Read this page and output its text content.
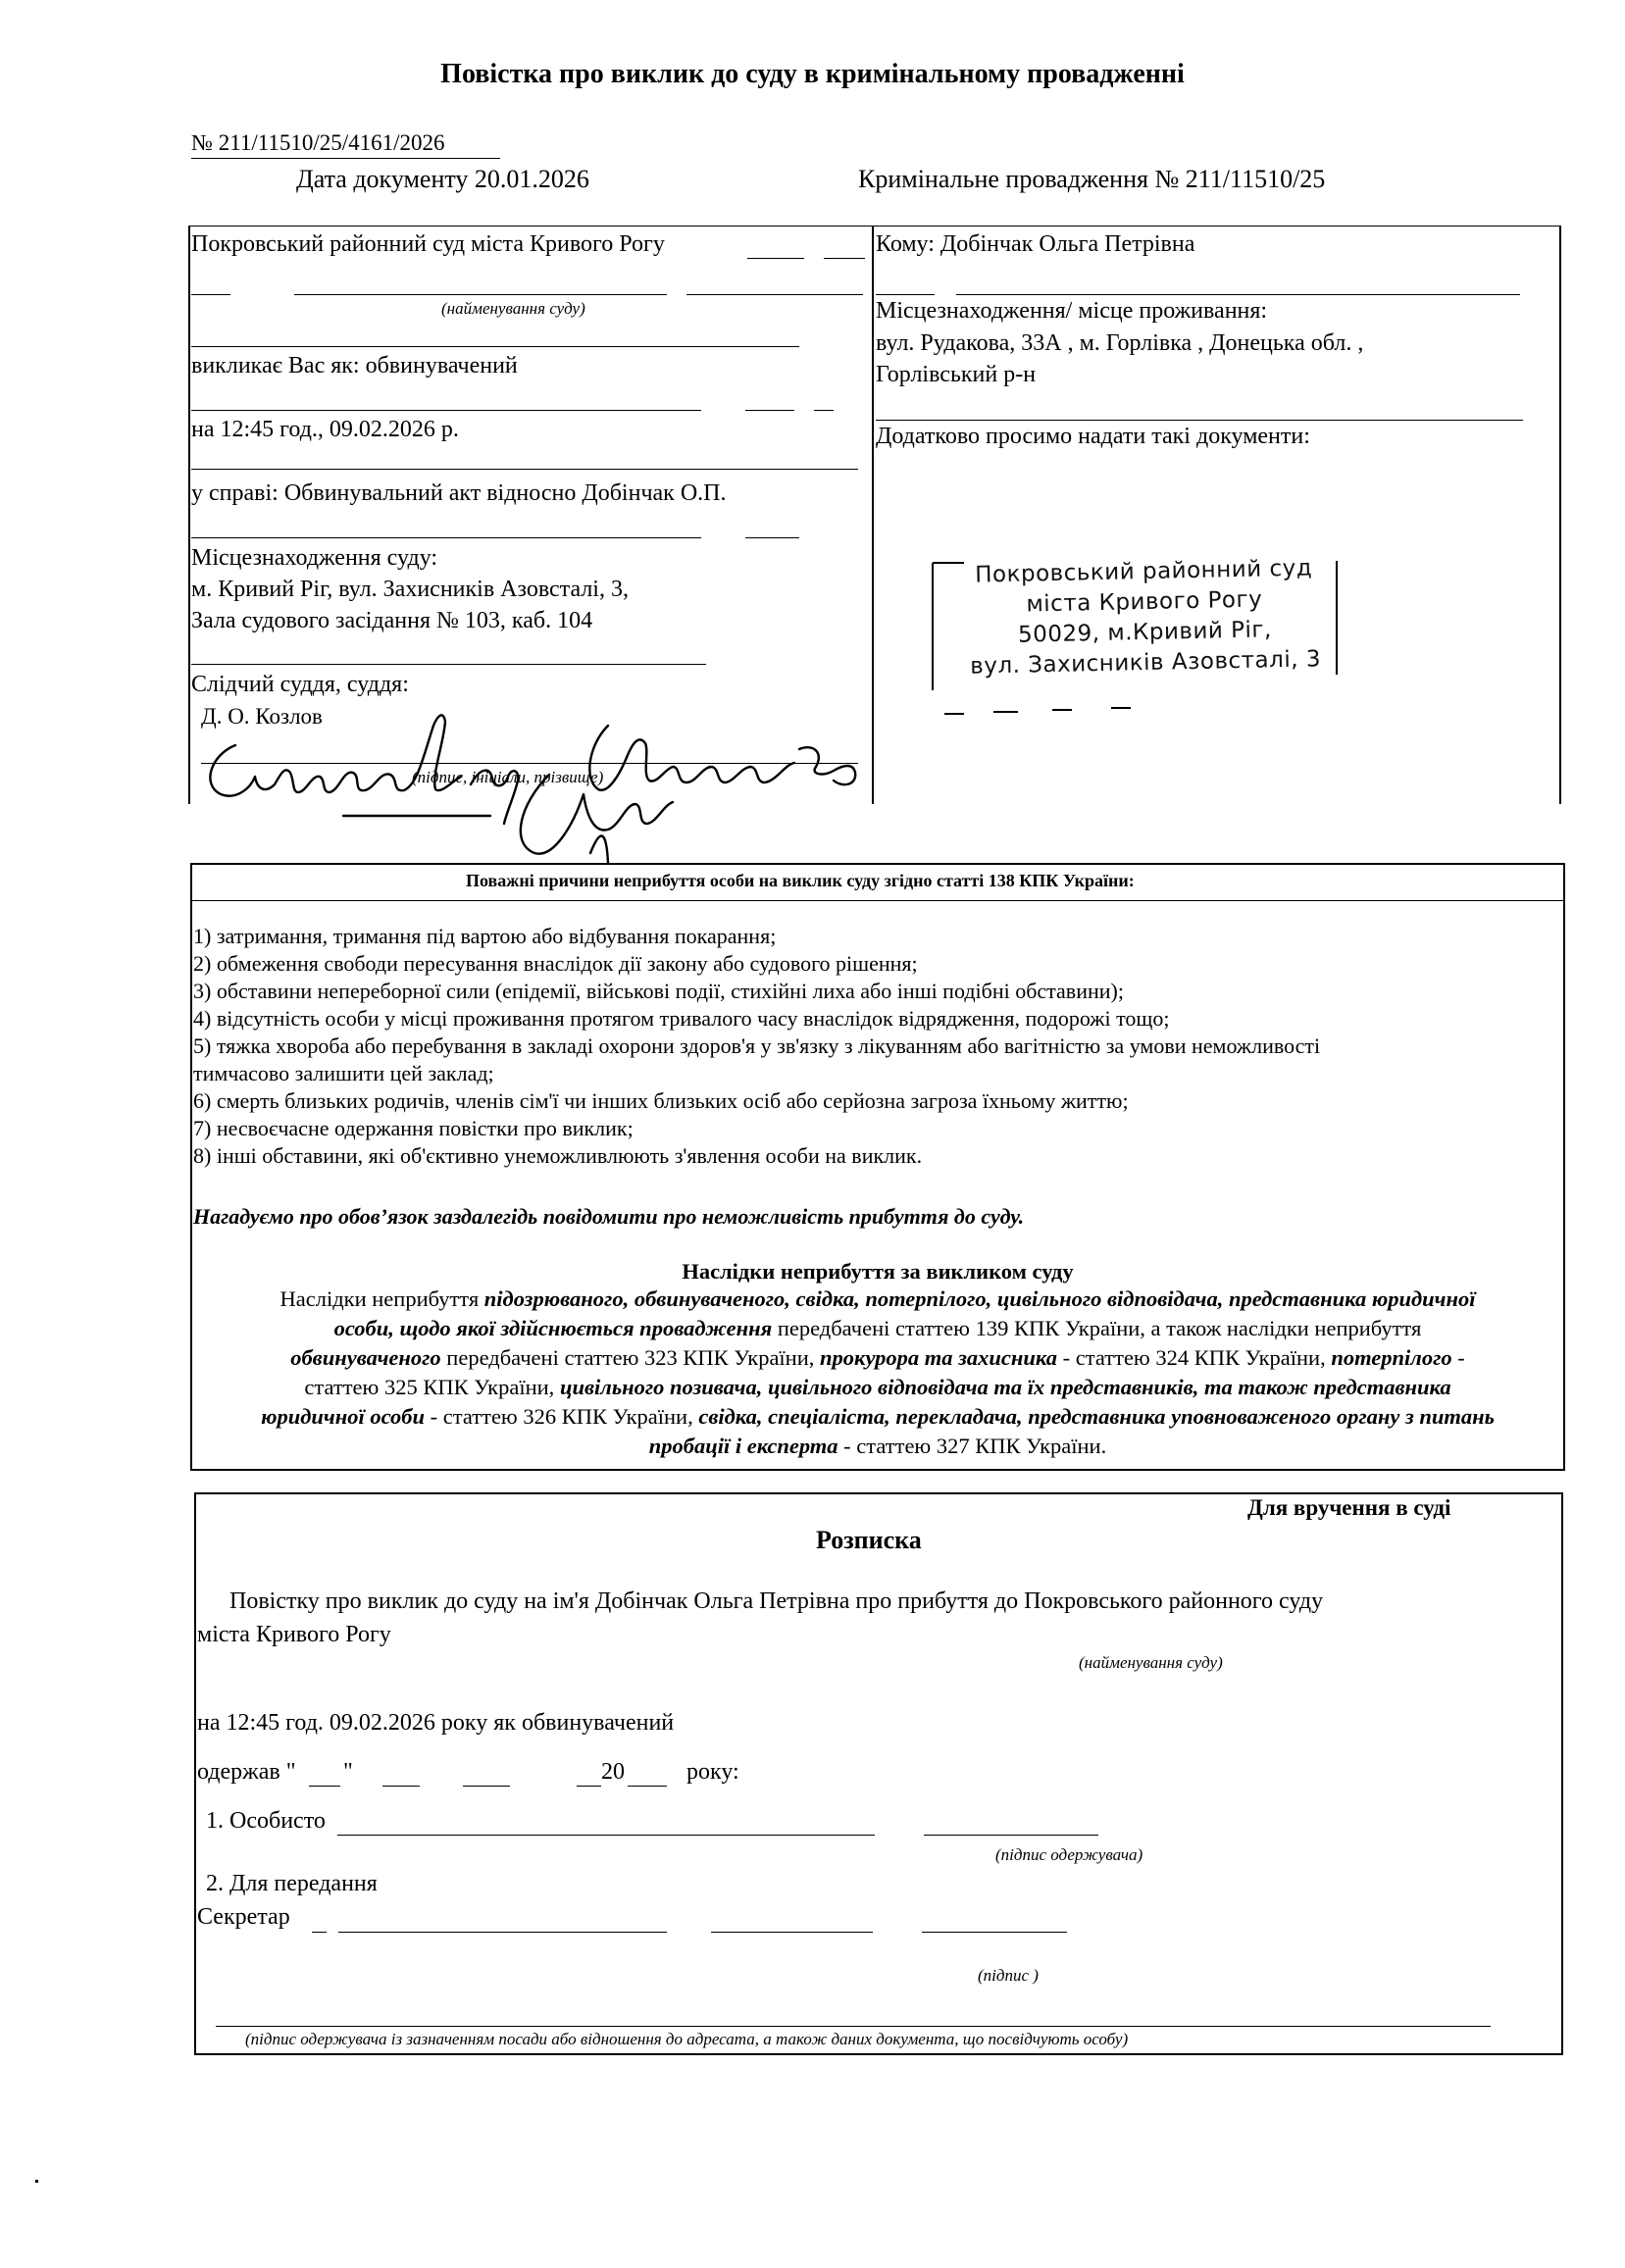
Повістка про виклик до суду в кримінальному провадженні
№ 211/11510/25/4161/2026
Дата документу 20.01.2026	Кримінальне провадження № 211/11510/25
Покровський районний суд міста Кривого Рогу
(найменування суду)
викликає Вас як: обвинувачений
на 12:45 год., 09.02.2026 р.
у справі: Обвинувальний акт відносно Добінчак О.П.
Місцезнаходження суду:
м. Кривий Ріг, вул. Захисників Азовсталі, 3,
Зала судового засідання № 103, каб. 104
Слідчий суддя, суддя:
Д. О. Козлов
(підпис, ініціали, прізвище)
Секретар с/з
Кому: Добінчак Ольга Петрівна
Місцезнаходження/ місце проживання:
вул. Рудакова, 33А , м. Горлівка , Донецька обл. ,
Горлівський р-н
Додатково просимо надати такі документи:
Покровський районний суд
міста Кривого Рогу
50029, м.Кривий Ріг,
вул. Захисників Азовсталі, 3
Поважні причини неприбуття особи на виклик суду згідно статті 138 КПК України:
1) затримання, тримання під вартою або відбування покарання;
2) обмеження свободи пересування внаслідок дії закону або судового рішення;
3) обставини непереборної сили (епідемії, військові події, стихійні лиха або інші подібні обставини);
4) відсутність особи у місці проживання протягом тривалого часу внаслідок відрядження, подорожі тощо;
5) тяжка хвороба або перебування в закладі охорони здоров'я у зв'язку з лікуванням або вагітністю за умови неможливості
тимчасово залишити цей заклад;
6) смерть близьких родичів, членів сім'ї чи інших близьких осіб або серйозна загроза їхньому життю;
7) несвоєчасне одержання повістки про виклик;
8) інші обставини, які об'єктивно унеможливлюють з'явлення особи на виклик.
Нагадуємо про обов’язок заздалегідь повідомити про неможливість прибуття до суду.
Наслідки неприбуття за викликом суду

Наслідки неприбуття підозрюваного, обвинуваченого, свідка, потерпілого, цивільного відповідача, представника юридичної

особи, щодо якої здійснюється провадження передбачені статтею 139 КПК України, а також наслідки неприбуття

обвинуваченого передбачені статтею 323 КПК України, прокурора та захисника - статтею 324 КПК України, потерпілого -

статтею 325 КПК України, цивільного позивача, цивільного відповідача та їх представників, та також представника

юридичної особи - статтею 326 КПК України, свідка, спеціаліста, перекладача, представника уповноваженого органу з питань

пробації і експерта - статтею 327 КПК України.

Для вручення в суді
Розписка
Повістку про виклик до суду на ім'я Добінчак Ольга Петрівна про прибуття до Покровського районного суду
міста Кривого Рогу
(найменування суду)
на 12:45 год. 09.02.2026 року як обвинувачений
одержав " "	20	року:
1. Особисто
(підпис одержувача)
2. Для передання
Секретар
(підпис )
(підпис одержувача із зазначенням посади або відношення до адресата, а також даних документа, що посвідчують особу)
